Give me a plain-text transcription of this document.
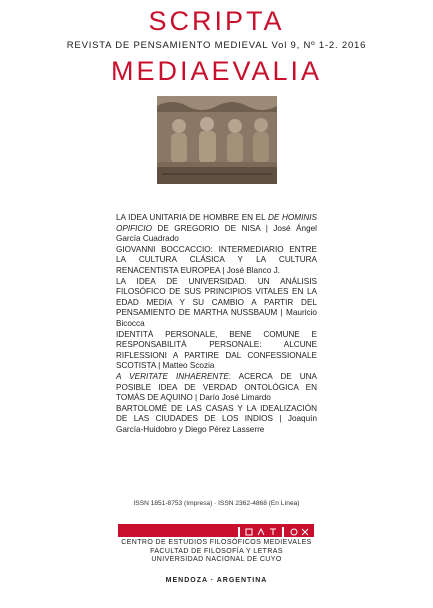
SCRIPTA
REVISTA DE PENSAMIENTO MEDIEVAL Vol 9, Nº 1-2. 2016
MEDIAEVALIA

LA IDEA UNITARIA DE HOMBRE EN EL DE HOMINIS OPIFICIO DE GREGORIO DE NISA | José Ángel García Cuadrado

GIOVANNI BOCCACCIO: INTERMEDIARIO ENTRE LA CULTURA CLÁSICA Y LA CULTURA RENACENTISTA EUROPEA | José Blanco J.

LA IDEA DE UNIVERSIDAD. UN ANÁLISIS FILOSÓFICO DE SUS PRINCIPIOS VITALES EN LA EDAD MEDIA Y SU CAMBIO A PARTIR DEL PENSAMIENTO DE MARTHA NUSSBAUM | Mauricio Bicocca

IDENTITÀ PERSONALE, BENE COMUNE E RESPONSABILITÀ PERSONALE: ALCUNE RIFLESSIONI A PARTIRE DAL CONFESSIONALE SCOTISTA | Matteo Scozia

A VERITATE INHAERENTE: ACERCA DE UNA POSIBLE IDEA DE VERDAD ONTOLÓGICA EN TOMÁS DE AQUINO | Darío José Limardo

BARTOLOMÉ DE LAS CASAS Y LA IDEALIZACIÓN DE LAS CIUDADES DE LOS INDIOS | Joaquín García-Huidobro y Diego Pérez Lasserre

ISSN 1851-8753 (Impresa) · ISSN 2362-4868 (En Línea)
CENTRO DE ESTUDIOS FILOSÓFICOS MEDIEVALES
FACULTAD DE FILOSOFÍA Y LETRAS
UNIVERSIDAD NACIONAL DE CUYO
MENDOZA · ARGENTINA
